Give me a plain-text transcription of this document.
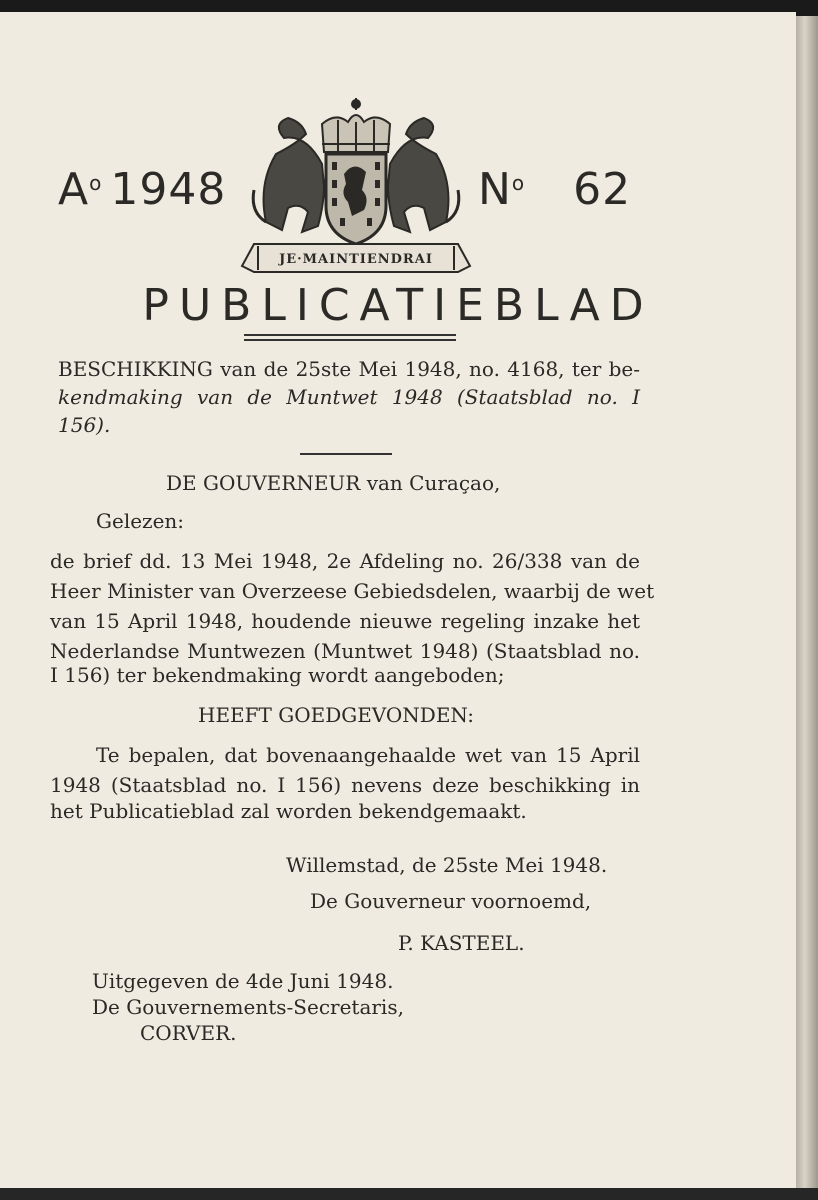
$A^o$ 1948	$N^o$ 62
JE·MAINTIENDRAI
PUBLICATIEBLAD
BESCHIKKING van de 25ste Mei 1948, no. 4168, ter be-
kendmaking van de Muntwet 1948 (Staatsblad no. I
156).
DE GOUVERNEUR van Curaçao,
Gelezen:
de brief dd. 13 Mei 1948, 2e Afdeling no. 26/338 van de
Heer Minister van Overzeese Gebiedsdelen, waarbij de wet
van 15 April 1948, houdende nieuwe regeling inzake het
Nederlandse Muntwezen (Muntwet 1948) (Staatsblad no.
I 156) ter bekendmaking wordt aangeboden;
HEEFT GOEDGEVONDEN:
Te bepalen, dat bovenaangehaalde wet van 15 April
1948 (Staatsblad no. I 156) nevens deze beschikking in
het Publicatieblad zal worden bekendgemaakt.
Willemstad, de 25ste Mei 1948.
De Gouverneur voornoemd,
P. KASTEEL.
Uitgegeven de 4de Juni 1948.
De Gouvernements-Secretaris,
CORVER.
